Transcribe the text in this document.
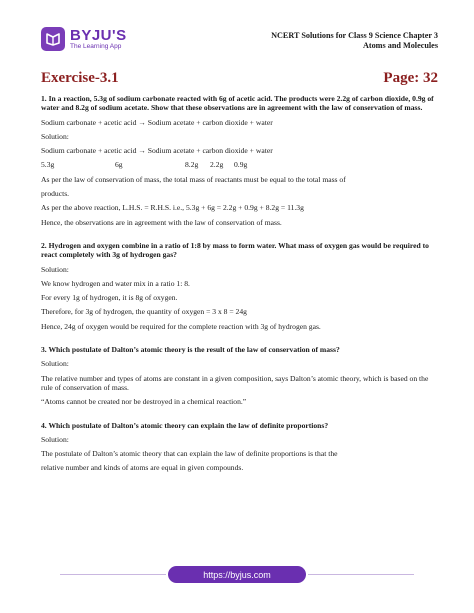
BYJU'S
The Learning App
NCERT Solutions for Class 9 Science Chapter 3
Atoms and Molecules
Exercise-3.1	Page: 32

1. In a reaction, 5.3g of sodium carbonate reacted with 6g of acetic acid. The products were 2.2g of carbon dioxide, 0.9g of water and 8.2g of sodium acetate. Show that these observations are in agreement with the law of conservation of mass.

Sodium carbonate + acetic acid → Sodium acetate + carbon dioxide + water

Solution:

Sodium carbonate + acetic acid → Sodium acetate + carbon dioxide + water

5.3g	6g	8.2g	2.2g	0.9g

As per the law of conservation of mass, the total mass of reactants must be equal to the total mass of

products.

As per the above reaction, L.H.S. = R.H.S. i.e., 5.3g + 6g = 2.2g + 0.9g + 8.2g = 11.3g

Hence, the observations are in agreement with the law of conservation of mass.

2. Hydrogen and oxygen combine in a ratio of 1:8 by mass to form water. What mass of oxygen gas would be required to react completely with 3g of hydrogen gas?

Solution:

We know hydrogen and water mix in a ratio 1: 8.

For every 1g of hydrogen, it is 8g of oxygen.

Therefore, for 3g of hydrogen, the quantity of oxygen = 3 x 8 = 24g

Hence, 24g of oxygen would be required for the complete reaction with 3g of hydrogen gas.

3. Which postulate of Dalton’s atomic theory is the result of the law of conservation of mass?

Solution:

The relative number and types of atoms are constant in a given composition, says Dalton’s atomic theory, which is based on the rule of conservation of mass.

“Atoms cannot be created nor be destroyed in a chemical reaction.”

4. Which postulate of Dalton’s atomic theory can explain the law of definite proportions?

Solution:

The postulate of Dalton’s atomic theory that can explain the law of definite proportions is that the

relative number and kinds of atoms are equal in given compounds.

https://byjus.com
